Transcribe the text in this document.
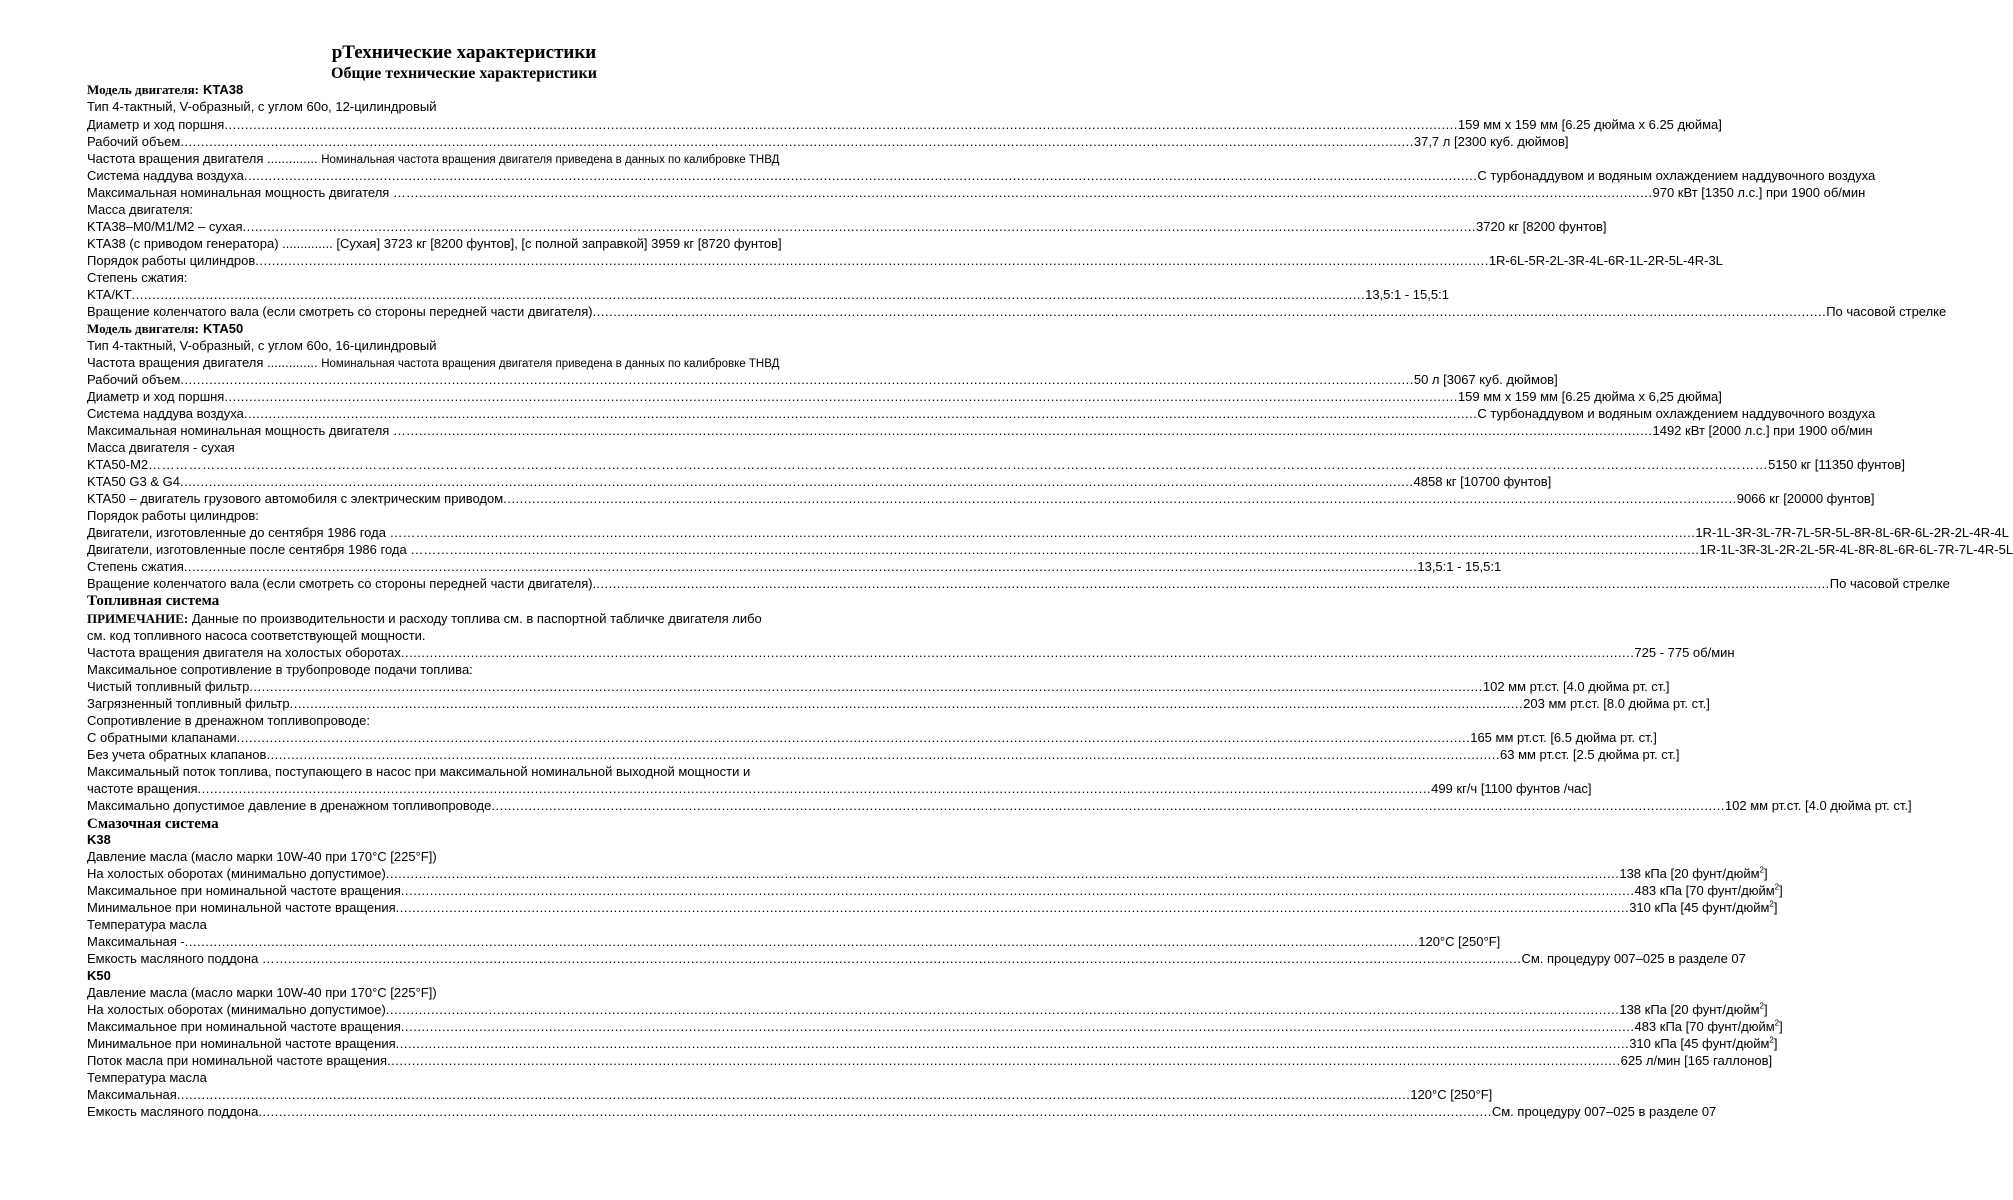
рТехнические характеристики
Общие технические характеристики
Модель двигателя: KTA38
Тип 4-тактный, V-образный, с углом 60о, 12-цилиндровый
Диаметр и ход поршня ............................................................................................................................................................................................................................................................................................................ 159 мм х 159 мм [6.25 дюйма х 6.25 дюйма]
Рабочий объем ............................................................................................................................................................................................................................................................................................................ 37,7 л [2300 куб. дюймов]
Частота вращения двигателя .............. Номинальная частота вращения двигателя приведена в данных по калибровке ТНВД
Система наддува воздуха ............................................................................................................................................................................................................................................................................................................ С турбонаддувом и водяным охлаждением наддувочного воздуха
Максимальная номинальная мощность двигателя …… ............................................................................................................................................................................................................................................................................................................ 970 кВт [1350 л.с.] при 1900 об/мин
Масса двигателя:
KTA38–M0/M1/M2 – сухая ............................................................................................................................................................................................................................................................................................................ 3720 кг [8200 фунтов]
KTA38 (с приводом генератора) .............. [Сухая] 3723 кг [8200 фунтов], [с полной заправкой] 3959 кг [8720 фунтов]
Порядок работы цилиндров ............................................................................................................................................................................................................................................................................................................ 1R-6L-5R-2L-3R-4L-6R-1L-2R-5L-4R-3L
Степень сжатия:
KTA/KT ............................................................................................................................................................................................................................................................................................................ 13,5:1 - 15,5:1
Вращение коленчатого вала (если смотреть со стороны передней части двигателя) ............................................................................................................................................................................................................................................................................................................ По часовой стрелке
Модель двигателя: KTA50
Тип 4-тактный, V-образный, с углом 60о, 16-цилиндровый
Частота вращения двигателя .............. Номинальная частота вращения двигателя приведена в данных по калибровке ТНВД
Рабочий объем ............................................................................................................................................................................................................................................................................................................ 50 л [3067 куб. дюймов]
Диаметр и ход поршня ............................................................................................................................................................................................................................................................................................................ 159 мм х 159 мм [6.25 дюйма х 6,25 дюйма]
Система наддува воздуха ............................................................................................................................................................................................................................................................................................................ С турбонаддувом и водяным охлаждением наддувочного воздуха
Максимальная номинальная мощность двигателя …… ............................................................................................................................................................................................................................................................................................................ 1492 кВт [2000 л.с.] при 1900 об/мин
Масса двигателя - сухая
KTA50-M2 ……………………………………………………………………………………………………………………………………………………………………………………………………………………………………………………………………………………………………………………………… 5150 кг [11350 фунтов]
KTA50 G3 & G4 ............................................................................................................................................................................................................................................................................................................ 4858 кг [10700 фунтов]
KTA50 – двигатель грузового автомобиля с электрическим приводом ............................................................................................................................................................................................................................................................................................................ 9066 кг [20000 фунтов]
Порядок работы цилиндров:
Двигатели, изготовленные до сентября 1986 года …………….. ............................................................................................................................................................................................................................................................................................................ 1R-1L-3R-3L-7R-7L-5R-5L-8R-8L-6R-6L-2R-2L-4R-4L
Двигатели, изготовленные после сентября 1986 года …………. ............................................................................................................................................................................................................................................................................................................ 1R-1L-3R-3L-2R-2L-5R-4L-8R-8L-6R-6L-7R-7L-4R-5L
Степень сжатия ............................................................................................................................................................................................................................................................................................................ 13,5:1 - 15,5:1
Вращение коленчатого вала (если смотреть со стороны передней части двигателя). ............................................................................................................................................................................................................................................................................................................ По часовой стрелке
Топливная система
ПРИМЕЧАНИЕ: Данные по производительности и расходу топлива см. в паспортной табличке двигателя либо
см. код топливного насоса соответствующей мощности.
Частота вращения двигателя на холостых оборотах ............................................................................................................................................................................................................................................................................................................ 725 - 775 об/мин
Максимальное сопротивление в трубопроводе подачи топлива:
Чистый топливный фильтр ............................................................................................................................................................................................................................................................................................................ 102 мм рт.ст. [4.0 дюйма рт. ст.]
Загрязненный топливный фильтр ............................................................................................................................................................................................................................................................................................................ 203 мм рт.ст. [8.0 дюйма рт. ст.]
Сопротивление в дренажном топливопроводе:
С обратными клапанами ............................................................................................................................................................................................................................................................................................................ 165 мм рт.ст. [6.5 дюйма рт. ст.]
Без учета обратных клапанов ............................................................................................................................................................................................................................................................................................................ 63 мм рт.ст. [2.5 дюйма рт. ст.]
Максимальный поток топлива, поступающего в насос при максимальной номинальной выходной мощности и
частоте вращения ............................................................................................................................................................................................................................................................................................................ 499 кг/ч [1100 фунтов /час]
Максимально допустимое давление в дренажном топливопроводе ............................................................................................................................................................................................................................................................................................................ 102 мм рт.ст. [4.0 дюйма рт. ст.]
Смазочная система
K38
Давление масла (масло марки 10W-40 при 170°C [225°F])
На холостых оборотах (минимально допустимое) ............................................................................................................................................................................................................................................................................................................ 138 кПа [20 фунт/дюйм$^2$]
Максимальное при номинальной частоте вращения ............................................................................................................................................................................................................................................................................................................ 483 кПа [70 фунт/дюйм$^2$]
Минимальное при номинальной частоте вращения ............................................................................................................................................................................................................................................................................................................ 310 кПа [45 фунт/дюйм$^2$]
Температура масла
Максимальная - ............................................................................................................................................................................................................................................................................................................ 120°C [250°F]
Емкость масляного поддона …… ............................................................................................................................................................................................................................................................................................................ См. процедуру 007–025 в разделе 07
K50
Давление масла (масло марки 10W-40 при 170°C [225°F])
На холостых оборотах (минимально допустимое) ............................................................................................................................................................................................................................................................................................................ 138 кПа [20 фунт/дюйм$^2$]
Максимальное при номинальной частоте вращения ............................................................................................................................................................................................................................................................................................................ 483 кПа [70 фунт/дюйм$^2$]
Минимальное при номинальной частоте вращения ............................................................................................................................................................................................................................................................................................................ 310 кПа [45 фунт/дюйм$^2$]
Поток масла при номинальной частоте вращения ............................................................................................................................................................................................................................................................................................................ 625 л/мин [165 галлонов]
Температура масла
Максимальная ............................................................................................................................................................................................................................................................................................................ 120°C [250°F]
Емкость масляного поддона ............................................................................................................................................................................................................................................................................................................ См. процедуру 007–025 в разделе 07
